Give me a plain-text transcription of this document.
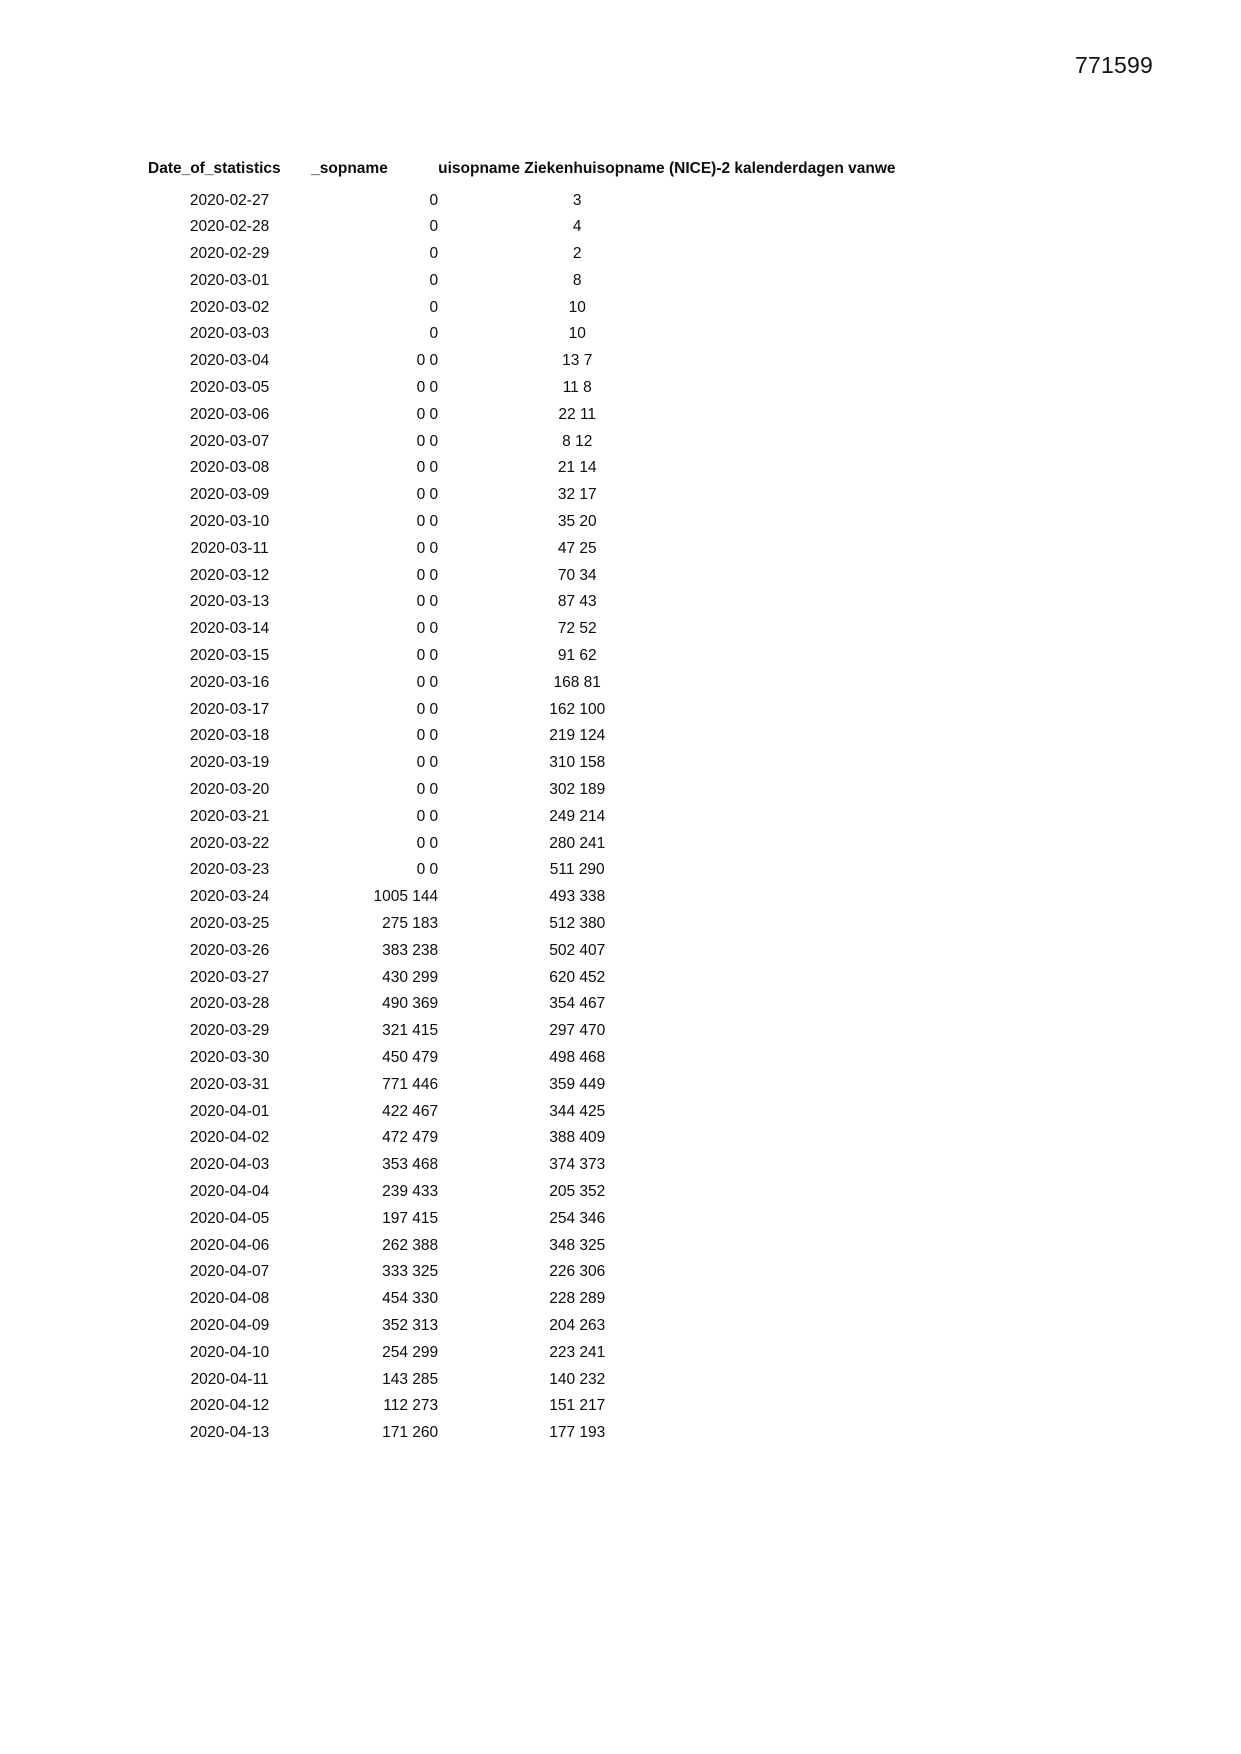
771599
Date_of_statistics	sopname_	uisopname Ziekenhuisopname (NICE)	-2 kalenderdagen vanwe
2020-02-27	0	3	
2020-02-28	0	4	
2020-02-29	0	2	
2020-03-01	0	8	
2020-03-02	0	10	
2020-03-03	0	10	
2020-03-04	0 0	13 7	
2020-03-05	0 0	11 8	
2020-03-06	0 0	22 11	
2020-03-07	0 0	8 12	
2020-03-08	0 0	21 14	
2020-03-09	0 0	32 17	
2020-03-10	0 0	35 20	
2020-03-11	0 0	47 25	
2020-03-12	0 0	70 34	
2020-03-13	0 0	87 43	
2020-03-14	0 0	72 52	
2020-03-15	0 0	91 62	
2020-03-16	0 0	168 81	
2020-03-17	0 0	162 100	
2020-03-18	0 0	219 124	
2020-03-19	0 0	310 158	
2020-03-20	0 0	302 189	
2020-03-21	0 0	249 214	
2020-03-22	0 0	280 241	
2020-03-23	0 0	511 290	
2020-03-24	1005 144	493 338	
2020-03-25	275 183	512 380	
2020-03-26	383 238	502 407	
2020-03-27	430 299	620 452	
2020-03-28	490 369	354 467	
2020-03-29	321 415	297 470	
2020-03-30	450 479	498 468	
2020-03-31	771 446	359 449	
2020-04-01	422 467	344 425	
2020-04-02	472 479	388 409	
2020-04-03	353 468	374 373	
2020-04-04	239 433	205 352	
2020-04-05	197 415	254 346	
2020-04-06	262 388	348 325	
2020-04-07	333 325	226 306	
2020-04-08	454 330	228 289	
2020-04-09	352 313	204 263	
2020-04-10	254 299	223 241	
2020-04-11	143 285	140 232	
2020-04-12	112 273	151 217	
2020-04-13	171 260	177 193	
